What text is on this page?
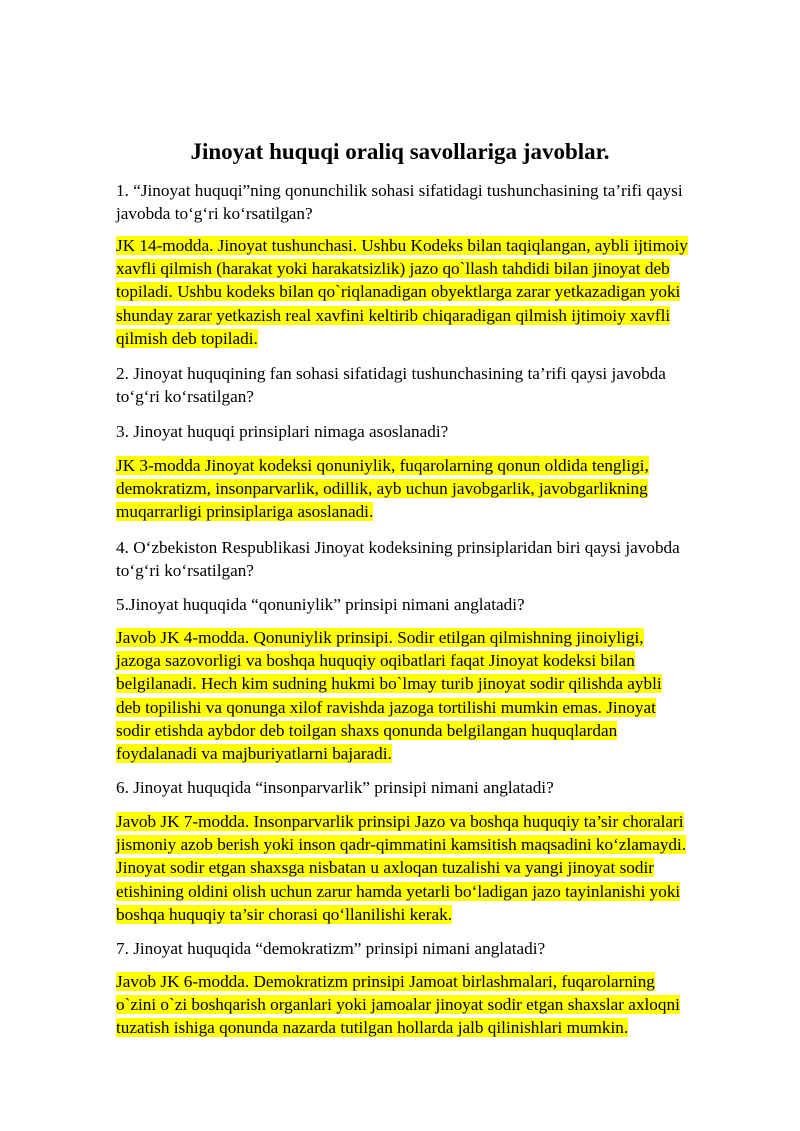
Jinoyat huquqi oraliq savollariga javoblar.
1. “Jinoyat huquqi”ning qonunchilik sohasi sifatidagi tushunchasining ta’rifi qaysi
javobda to‘g‘ri ko‘rsatilgan?
JK 14-modda. Jinoyat tushunchasi. Ushbu Kodeks bilan taqiqlangan, aybli ijtimoiy
xavfli qilmish (harakat yoki harakatsizlik) jazo qo`llash tahdidi bilan jinoyat deb
topiladi. Ushbu kodeks bilan qo`riqlanadigan obyektlarga zarar yetkazadigan yoki
shunday zarar yetkazish real xavfini keltirib chiqaradigan qilmish ijtimoiy xavfli
qilmish deb topiladi.
2. Jinoyat huquqining fan sohasi sifatidagi tushunchasining ta’rifi qaysi javobda
to‘g‘ri ko‘rsatilgan?
3. Jinoyat huquqi prinsiplari nimaga asoslanadi?
JK 3-modda Jinoyat kodeksi qonuniylik, fuqarolarning qonun oldida tengligi,
demokratizm, insonparvarlik, odillik, ayb uchun javobgarlik, javobgarlikning
muqarrarligi prinsiplariga asoslanadi.
4. O‘zbekiston Respublikasi Jinoyat kodeksining prinsiplaridan biri qaysi javobda
to‘g‘ri ko‘rsatilgan?
5.Jinoyat huquqida “qonuniylik” prinsipi nimani anglatadi?
Javob JK 4-modda. Qonuniylik prinsipi. Sodir etilgan qilmishning jinoiyligi,
jazoga sazovorligi va boshqa huquqiy oqibatlari faqat Jinoyat kodeksi bilan
belgilanadi. Hech kim sudning hukmi bo`lmay turib jinoyat sodir qilishda aybli
deb topilishi va qonunga xilof ravishda jazoga tortilishi mumkin emas. Jinoyat
sodir etishda aybdor deb toilgan shaxs qonunda belgilangan huquqlardan
foydalanadi va majburiyatlarni bajaradi.
6. Jinoyat huquqida “insonparvarlik” prinsipi nimani anglatadi?
Javob JK 7-modda. Insonparvarlik prinsipi Jazo va boshqa huquqiy ta’sir choralari
jismoniy azob berish yoki inson qadr-qimmatini kamsitish maqsadini ko‘zlamaydi.
Jinoyat sodir etgan shaxsga nisbatan u axloqan tuzalishi va yangi jinoyat sodir
etishining oldini olish uchun zarur hamda yetarli bo‘ladigan jazo tayinlanishi yoki
boshqa huquqiy ta’sir chorasi qo‘llanilishi kerak.
7. Jinoyat huquqida “demokratizm” prinsipi nimani anglatadi?
Javob JK 6-modda. Demokratizm prinsipi Jamoat birlashmalari, fuqarolarning
o`zini o`zi boshqarish organlari yoki jamoalar jinoyat sodir etgan shaxslar axloqni
tuzatish ishiga qonunda nazarda tutilgan hollarda jalb qilinishlari mumkin.
